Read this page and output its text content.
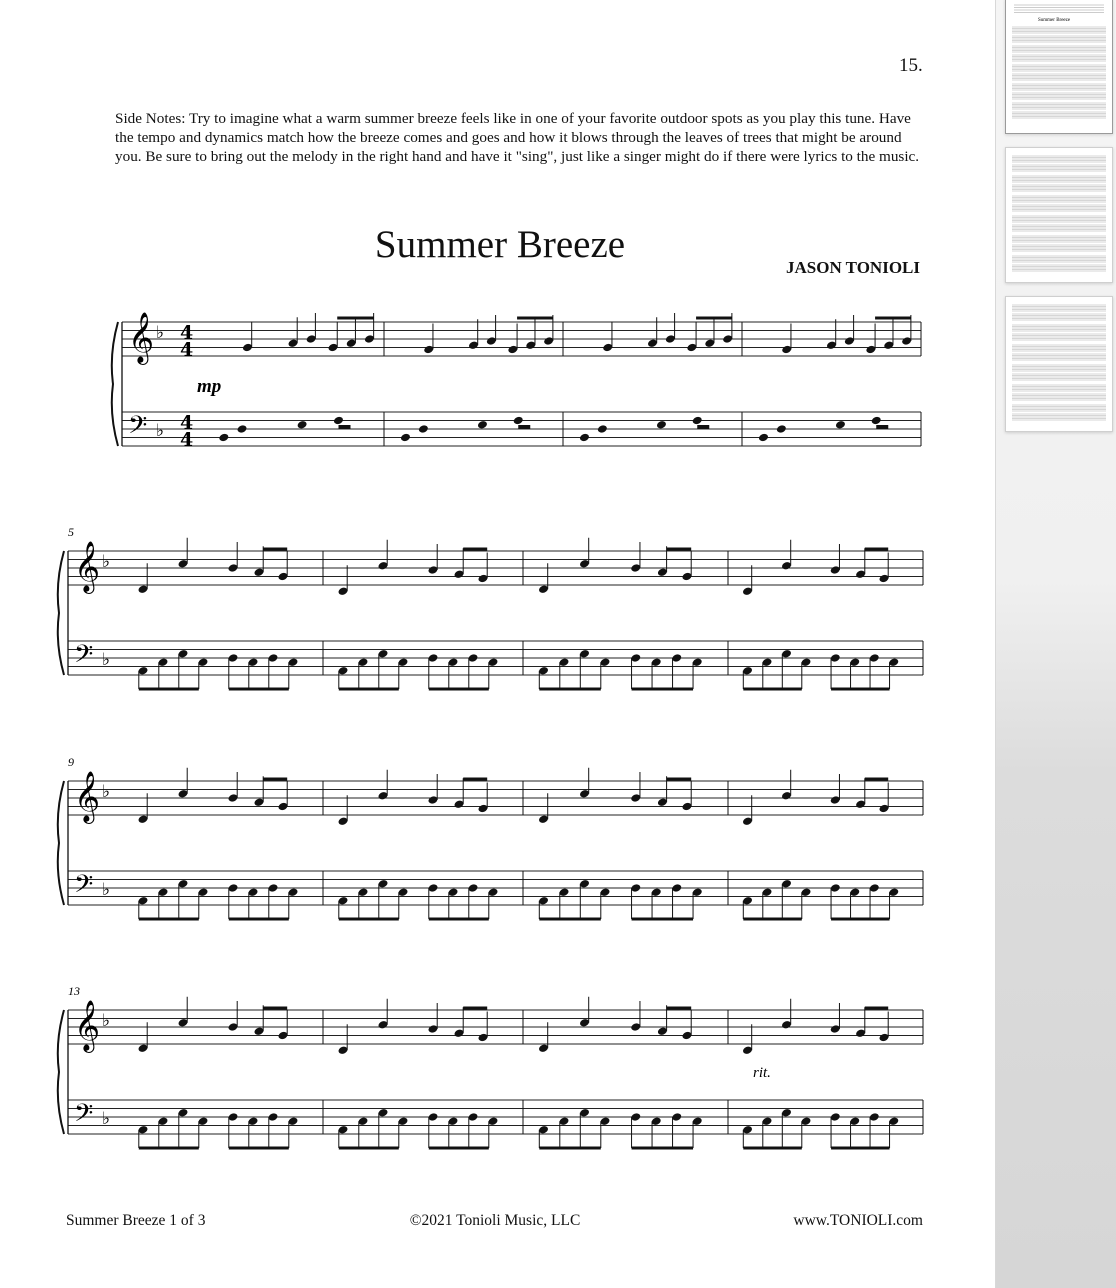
15.

Side Notes: Try to imagine what a warm summer breeze feels like in one of your favorite outdoor spots as you play this tune. Have the tempo and dynamics match how the breeze comes and goes and how it blows through the leaves of trees that might be around you. Be sure to bring out the melody in the right hand and have it "sing", just like a singer might do if there were lyrics to the music.

Summer Breeze
JASON TONIOLI
𝄞
𝄢
♭
♭
4
4
4
4
𝄞
𝄢
♭
♭
𝄞
𝄢
♭
♭
𝄞
𝄢
♭
♭
mp
5
9
13
rit.
Summer Breeze 1 of 3	©2021 Tonioli Music, LLC	www.TONIOLI.com
Summer Breeze
